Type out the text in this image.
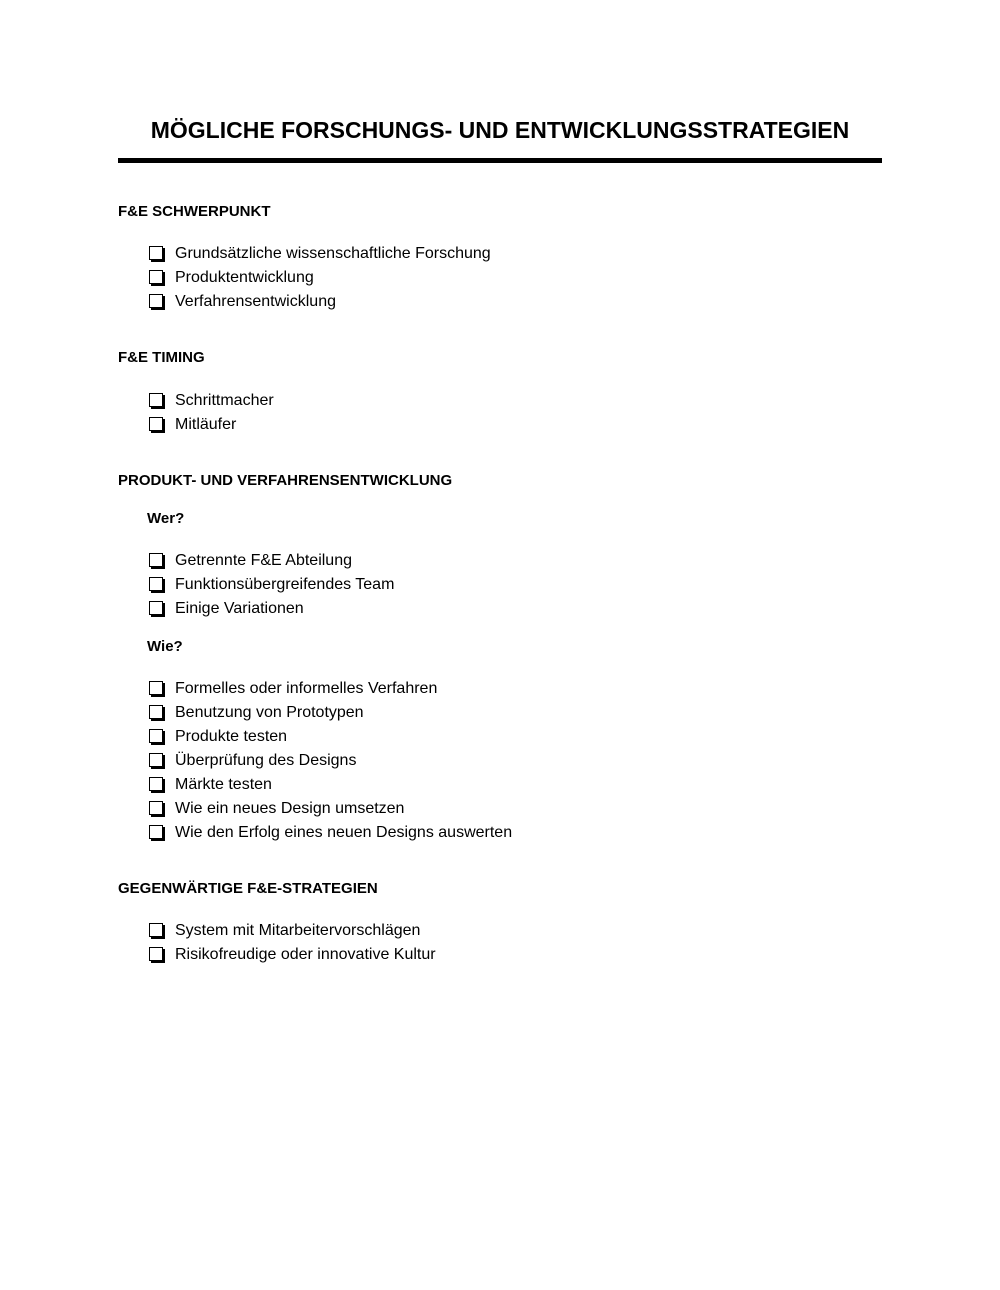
MÖGLICHE FORSCHUNGS- UND ENTWICKLUNGSSTRATEGIEN
F&E SCHWERPUNKT
Grundsätzliche wissenschaftliche Forschung
Produktentwicklung
Verfahrensentwicklung
F&E TIMING
Schrittmacher
Mitläufer
PRODUKT- UND VERFAHRENSENTWICKLUNG
Wer?
Getrennte F&E Abteilung
Funktionsübergreifendes Team
Einige Variationen
Wie?
Formelles oder informelles Verfahren
Benutzung von Prototypen
Produkte testen
Überprüfung des Designs
Märkte testen
Wie ein neues Design umsetzen
Wie den Erfolg eines neuen Designs auswerten
GEGENWÄRTIGE F&E-STRATEGIEN
System mit Mitarbeitervorschlägen
Risikofreudige oder innovative Kultur
